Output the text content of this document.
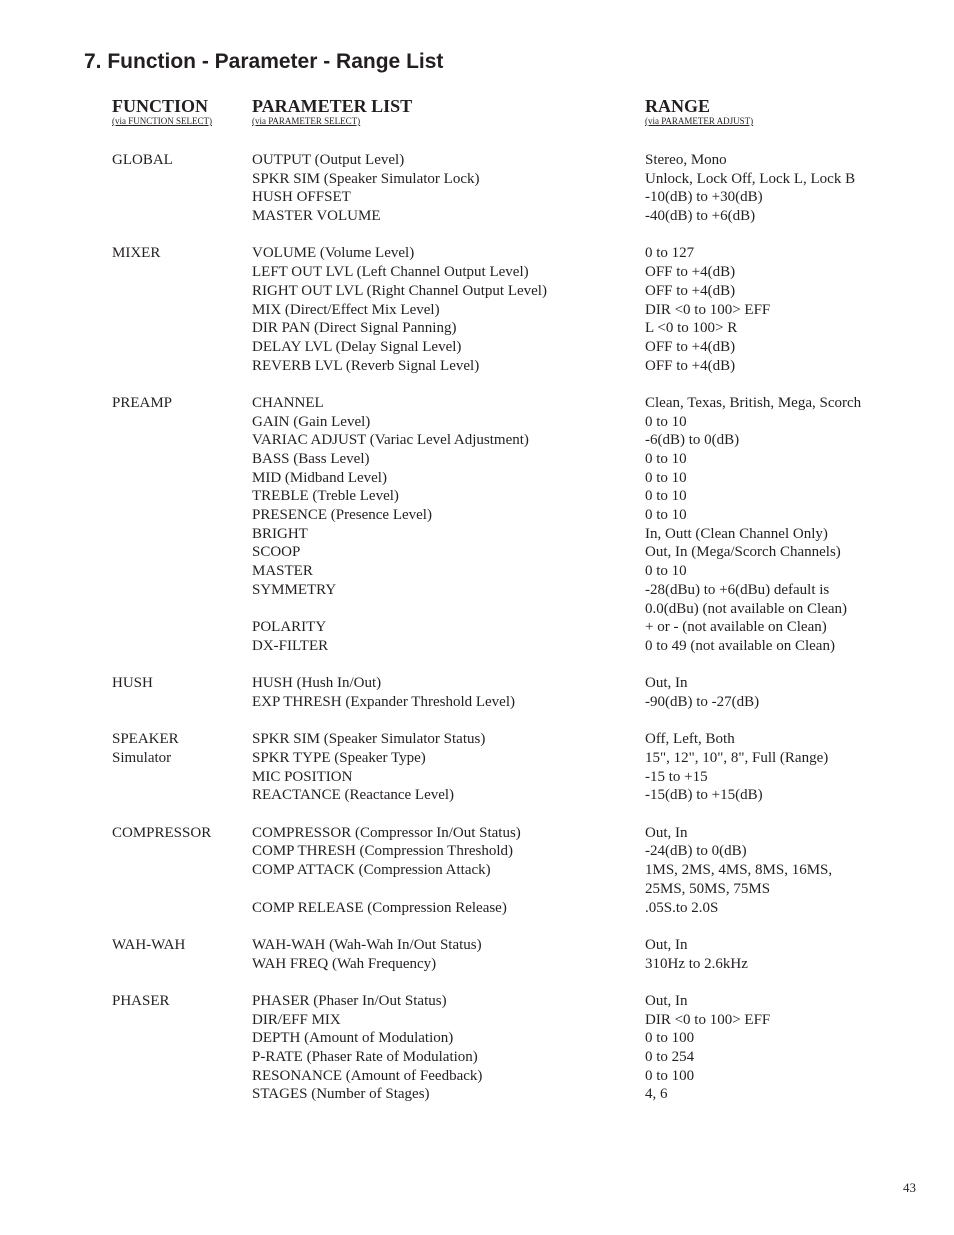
7. Function - Parameter - Range List
FUNCTION
(via FUNCTION SELECT)
PARAMETER LIST
(via PARAMETER SELECT)
RANGE
(via PARAMETER ADJUST)
GLOBAL	OUTPUT (Output Level)	Stereo, Mono
SPKR SIM (Speaker Simulator Lock)	Unlock, Lock Off, Lock L, Lock B
HUSH OFFSET	-10(dB) to +30(dB)
MASTER VOLUME	-40(dB) to +6(dB)
MIXER	VOLUME (Volume Level)	0 to 127
LEFT OUT LVL (Left Channel Output Level)	OFF to +4(dB)
RIGHT OUT LVL (Right Channel Output Level)	OFF to +4(dB)
MIX (Direct/Effect Mix Level)	DIR <0 to 100> EFF
DIR PAN (Direct Signal Panning)	L <0 to 100> R
DELAY LVL (Delay Signal Level)	OFF to +4(dB)
REVERB LVL (Reverb Signal Level)	OFF to +4(dB)
PREAMP	CHANNEL	Clean, Texas, British, Mega, Scorch
GAIN (Gain Level)	0 to 10
VARIAC ADJUST (Variac Level Adjustment)	-6(dB) to 0(dB)
BASS (Bass Level)	0 to 10
MID (Midband Level)	0 to 10
TREBLE (Treble Level)	0 to 10
PRESENCE (Presence Level)	0 to 10
BRIGHT	In, Outt (Clean Channel Only)
SCOOP	Out, In (Mega/Scorch Channels)
MASTER	0 to 10
SYMMETRY	-28(dBu) to +6(dBu) default is
0.0(dBu) (not available on Clean)
POLARITY	+ or - (not available on Clean)
DX-FILTER	0 to 49 (not available on Clean)
HUSH	HUSH (Hush In/Out)	Out, In
EXP THRESH (Expander Threshold Level)	-90(dB) to -27(dB)
SPEAKER	SPKR SIM (Speaker Simulator Status)	Off, Left, Both
Simulator	SPKR TYPE (Speaker Type)	15", 12", 10", 8", Full (Range)
MIC POSITION	-15 to +15
REACTANCE (Reactance Level)	-15(dB) to +15(dB)
COMPRESSOR	COMPRESSOR (Compressor In/Out Status)	Out, In
COMP THRESH (Compression Threshold)	-24(dB) to 0(dB)
COMP ATTACK (Compression Attack)	1MS, 2MS, 4MS, 8MS, 16MS,
25MS, 50MS, 75MS
COMP RELEASE (Compression Release)	.05S.to 2.0S
WAH-WAH	WAH-WAH (Wah-Wah In/Out Status)	Out, In
WAH FREQ (Wah Frequency)	310Hz to 2.6kHz
PHASER	PHASER (Phaser In/Out Status)	Out, In
DIR/EFF MIX	DIR <0 to 100> EFF
DEPTH (Amount of Modulation)	0 to 100
P-RATE (Phaser Rate of Modulation)	0 to 254
RESONANCE (Amount of Feedback)	0 to 100
STAGES (Number of Stages)	4, 6
43
